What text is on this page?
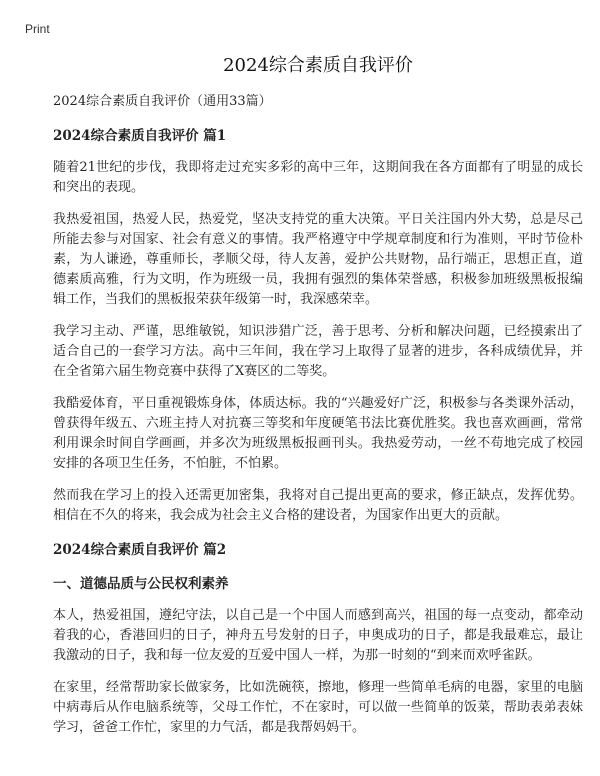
Print
2024综合素质自我评价
2024综合素质自我评价（通用33篇）
2024综合素质自我评价 篇1

随着21世纪的步伐，我即将走过充实多彩的高中三年，这期间我在各方面都有了明显的成长和突出的表现。

我热爱祖国，热爱人民，热爱党，坚决支持党的重大决策。平日关注国内外大势，总是尽己所能去参与对国家、社会有意义的事情。我严格遵守中学规章制度和行为准则，平时节俭朴素，为人谦逊，尊重师长，孝顺父母，待人友善，爱护公共财物，品行端正，思想正直，道德素质高雅，行为文明，作为班级一员，我拥有强烈的集体荣誉感，积极参加班级黑板报编辑工作，当我们的黑板报荣获年级第一时，我深感荣幸。

我学习主动、严谨，思维敏锐，知识涉猎广泛，善于思考、分析和解决问题，已经摸索出了适合自己的一套学习方法。高中三年间，我在学习上取得了显著的进步，各科成绩优异，并在全省第六届生物竞赛中获得了X赛区的二等奖。

我酷爱体育，平日重视锻炼身体，体质达标。我的“兴趣爱好广泛，积极参与各类课外活动，曾获得年级五、六班主持人对抗赛三等奖和年度硬笔书法比赛优胜奖。我也喜欢画画，常常利用课余时间自学画画，并多次为班级黑板报画刊头。我热爱劳动，一丝不苟地完成了校园安排的各项卫生任务，不怕脏，不怕累。

然而我在学习上的投入还需更加密集，我将对自己提出更高的要求，修正缺点，发挥优势。相信在不久的将来，我会成为社会主义合格的建设者，为国家作出更大的贡献。

2024综合素质自我评价 篇2
一、道德品质与公民权利素养

本人，热爱祖国，遵纪守法，以自己是一个中国人而感到高兴，祖国的每一点变动，都牵动着我的心，香港回归的日子，神舟五号发射的日子，申奥成功的日子，都是我最难忘，最让我激动的日子，我和每一位友爱的互爱中国人一样，为那一时刻的“到来而欢呼雀跃。

在家里，经常帮助家长做家务，比如洗碗筷，擦地，修理一些简单毛病的电器，家里的电脑中病毒后从作电脑系统等，父母工作忙，不在家时，可以做一些简单的饭菜，帮助表弟表妹学习，爸爸工作忙，家里的力气活，都是我帮妈妈干。
